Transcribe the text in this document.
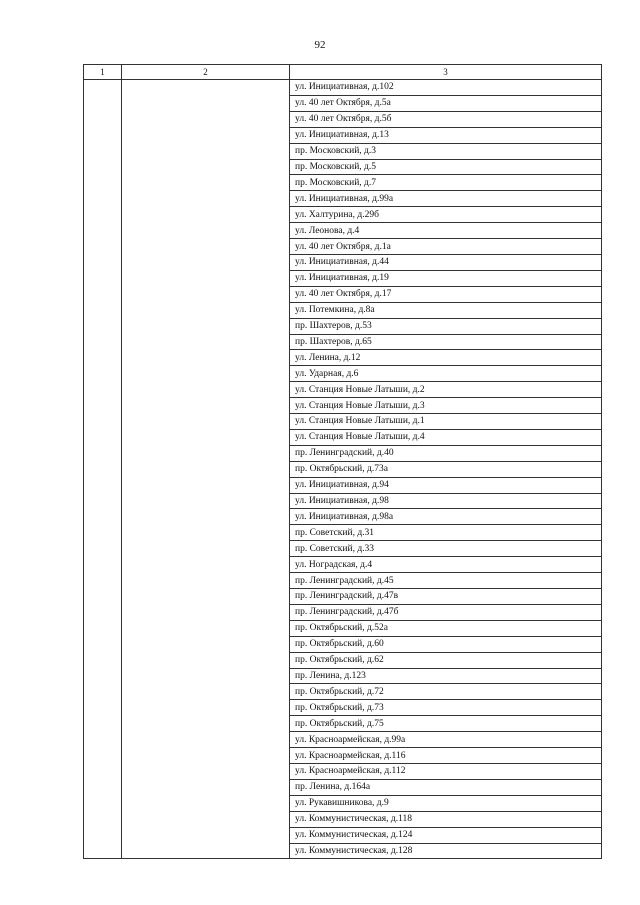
92
1	2	3
		ул. Инициативная, д.102
		ул. 40 лет Октября, д.5а
		ул. 40 лет Октября, д.5б
		ул. Инициативная, д.13
		пр. Московский, д.3
		пр. Московский, д.5
		пр. Московский, д.7
		ул. Инициативная, д.99а
		ул. Халтурина, д.29б
		ул. Леонова, д.4
		ул. 40 лет Октября, д.1а
		ул. Инициативная, д.44
		ул. Инициативная, д.19
		ул. 40 лет Октября, д.17
		ул. Потемкина, д.8а
		пр. Шахтеров, д.53
		пр. Шахтеров, д.65
		ул. Ленина, д.12
		ул. Ударная, д.6
		ул. Станция Новые Латыши, д.2
		ул. Станция Новые Латыши, д.3
		ул. Станция Новые Латыши, д.1
		ул. Станция Новые Латыши, д.4
		пр. Ленинградский, д.40
		пр. Октябрьский, д.73а
		ул. Инициативная, д.94
		ул. Инициативная, д.98
		ул. Инициативная, д.98а
		пр. Советский, д.31
		пр. Советский, д.33
		ул. Ноградская, д.4
		пр. Ленинградский, д.45
		пр. Ленинградский, д.47в
		пр. Ленинградский, д.47б
		пр. Октябрьский, д.52а
		пр. Октябрьский, д.60
		пр. Октябрьский, д.62
		пр. Ленина, д.123
		пр. Октябрьский, д.72
		пр. Октябрьский, д.73
		пр. Октябрьский, д.75
		ул. Красноармейская, д.99а
		ул. Красноармейская, д.116
		ул. Красноармейская, д.112
		пр. Ленина, д.164а
		ул. Рукавишникова, д.9
		ул. Коммунистическая, д.118
		ул. Коммунистическая, д.124
		ул. Коммунистическая, д.128
